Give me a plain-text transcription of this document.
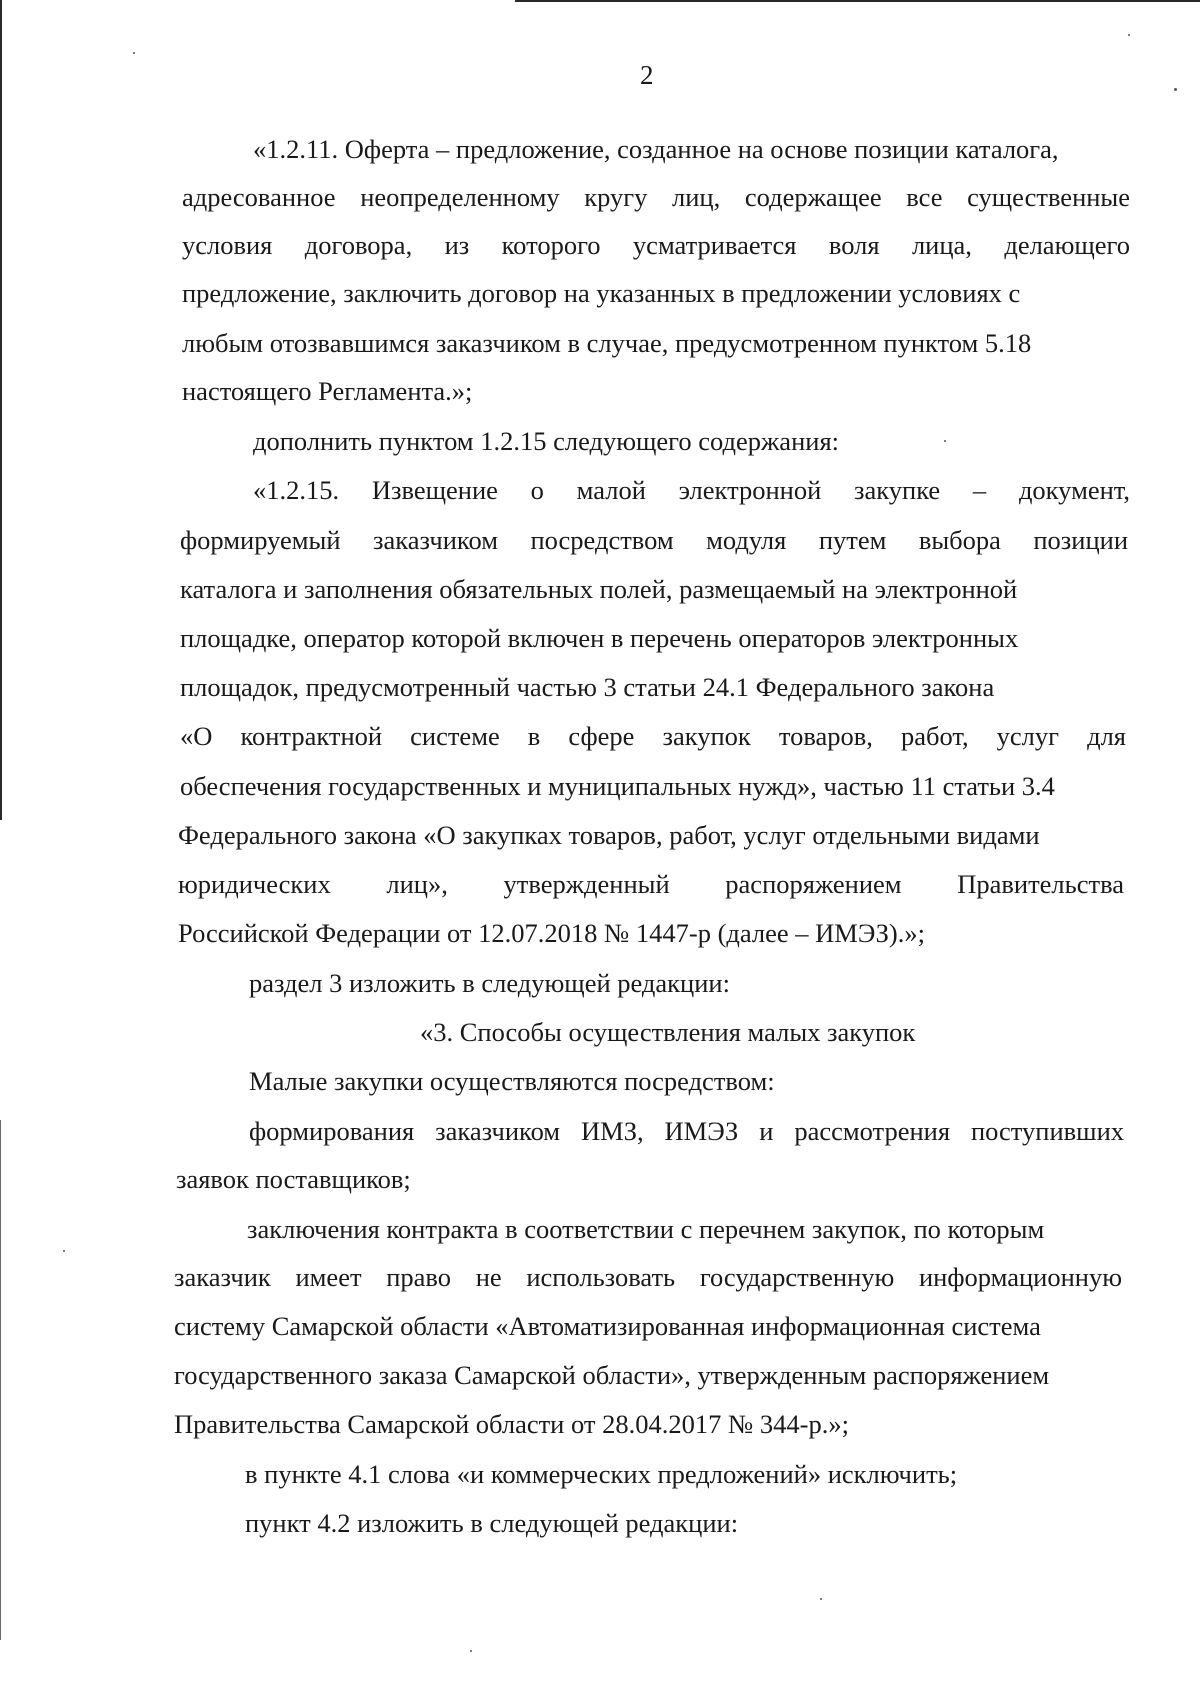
2
«1.2.11. Оферта – предложение, созданное на основе позиции каталога,
адресованное неопределенному кругу лиц, содержащее все существенные
условия договора, из которого усматривается воля лица, делающего
предложение, заключить договор на указанных в предложении условиях с
любым отозвавшимся заказчиком в случае, предусмотренном пунктом 5.18
настоящего Регламента.»;
дополнить пунктом 1.2.15 следующего содержания:
«1.2.15. Извещение о малой электронной закупке – документ,
формируемый заказчиком посредством модуля путем выбора позиции
каталога и заполнения обязательных полей, размещаемый на электронной
площадке, оператор которой включен в перечень операторов электронных
площадок, предусмотренный частью 3 статьи 24.1 Федерального закона
«О контрактной системе в сфере закупок товаров, работ, услуг для
обеспечения государственных и муниципальных нужд», частью 11 статьи 3.4
Федерального закона «О закупках товаров, работ, услуг отдельными видами
юридических лиц», утвержденный распоряжением Правительства
Российской Федерации от 12.07.2018 № 1447-р (далее – ИМЭЗ).»;
раздел 3 изложить в следующей редакции:
«3. Способы осуществления малых закупок
Малые закупки осуществляются посредством:
формирования заказчиком ИМЗ, ИМЭЗ и рассмотрения поступивших
заявок поставщиков;
заключения контракта в соответствии с перечнем закупок, по которым
заказчик имеет право не использовать государственную информационную
систему Самарской области «Автоматизированная информационная система
государственного заказа Самарской области», утвержденным распоряжением
Правительства Самарской области от 28.04.2017 № 344-р.»;
в пункте 4.1 слова «и коммерческих предложений» исключить;
пункт 4.2 изложить в следующей редакции:
